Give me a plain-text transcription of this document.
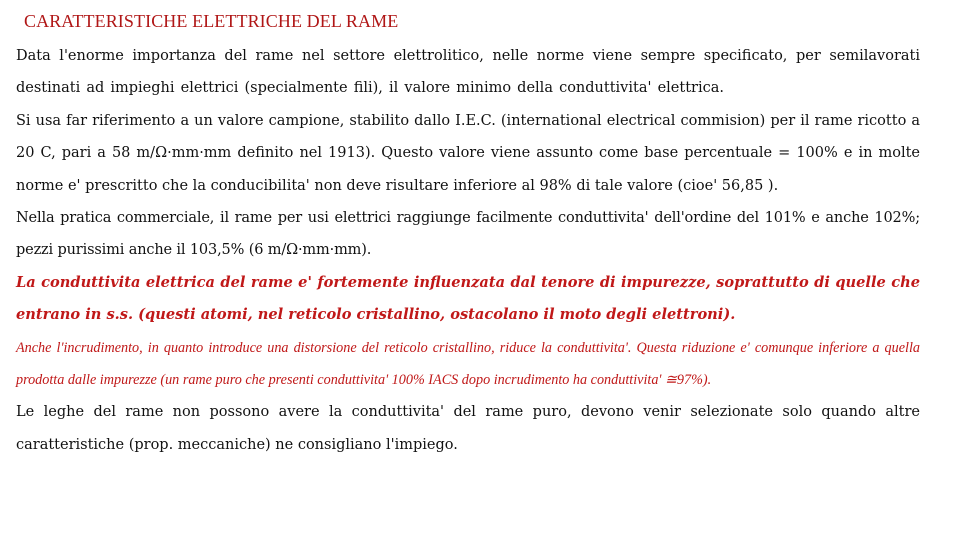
CARATTERISTICHE ELETTRICHE DEL RAME

Data l'enorme importanza del rame nel settore elettrolitico, nelle norme viene sempre specificato, per semilavorati destinati ad impieghi elettrici (specialmente fili), il valore minimo della conduttivita' elettrica.

Si usa far riferimento a un valore campione, stabilito dallo I.E.C. (international electrical commision) per il rame ricotto a 20 C, pari a 58 m/Ω·mm·mm definito nel 1913). Questo valore viene assunto come base percentuale = 100% e in molte norme e' prescritto che la conducibilita' non deve risultare inferiore al 98% di tale valore (cioe' 56,85 ).

Nella pratica commerciale, il rame per usi elettrici raggiunge facilmente conduttivita' dell'ordine del 101% e anche 102%; pezzi purissimi anche il 103,5% (6 m/Ω·mm·mm).

La conduttivita elettrica del rame e' fortemente influenzata dal tenore di impurezze, soprattutto di quelle che entrano in s.s. (questi atomi, nel reticolo cristallino, ostacolano il moto degli elettroni).

Anche l'incrudimento, in quanto introduce una distorsione del reticolo cristallino, riduce la conduttivita'. Questa riduzione e' comunque inferiore a quella prodotta dalle impurezze (un rame puro che presenti conduttivita' 100% IACS dopo incrudimento ha conduttivita' ≅97%).

Le leghe del rame non possono avere la conduttivita' del rame puro, devono venir selezionate solo quando altre caratteristiche (prop. meccaniche) ne consigliano l'impiego.
